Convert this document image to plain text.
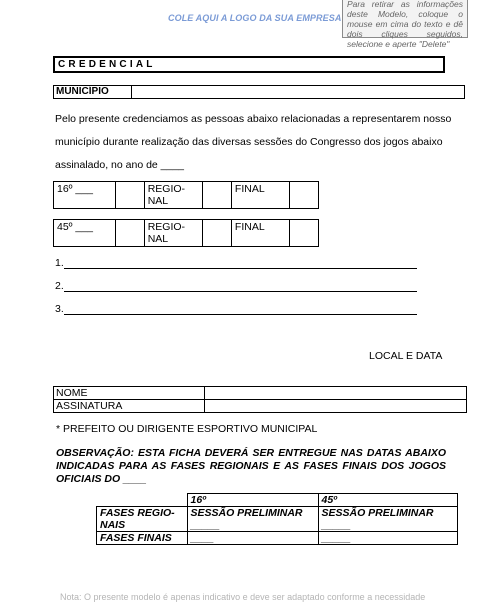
COLE AQUI A LOGO DA SUA EMPRESA
Para retirar as informações deste Modelo, coloque o mouse em cima do texto e dê dois cliques seguidos, selecione e aperte "Delete"
CREDENCIAL
MUNICÍPIO
Pelo presente credenciamos as pessoas abaixo relacionadas a representarem nosso município durante realização das diversas sessões do Congresso dos jogos abaixo assinalado, no ano de ____
16º ___		REGIO-NAL		FINAL	
45º ___		REGIO-NAL		FINAL	
1.
2.
3.
LOCAL E DATA
NOME	
ASSINATURA	
* PREFEITO OU DIRIGENTE ESPORTIVO MUNICIPAL
OBSERVAÇÃO: ESTA FICHA DEVERÁ SER ENTREGUE NAS DATAS ABAIXO INDICADAS PARA AS FASES REGIONAIS E AS FASES FINAIS DOS JOGOS OFICIAIS DO ____
	16º	45º
FASES REGIO-NAIS	SESSÃO PRELIMINAR _____	SESSÃO PRELIMINAR _____
FASES FINAIS	____	_____
Nota: O presente modelo é apenas indicativo e deve ser adaptado conforme a necessidade
